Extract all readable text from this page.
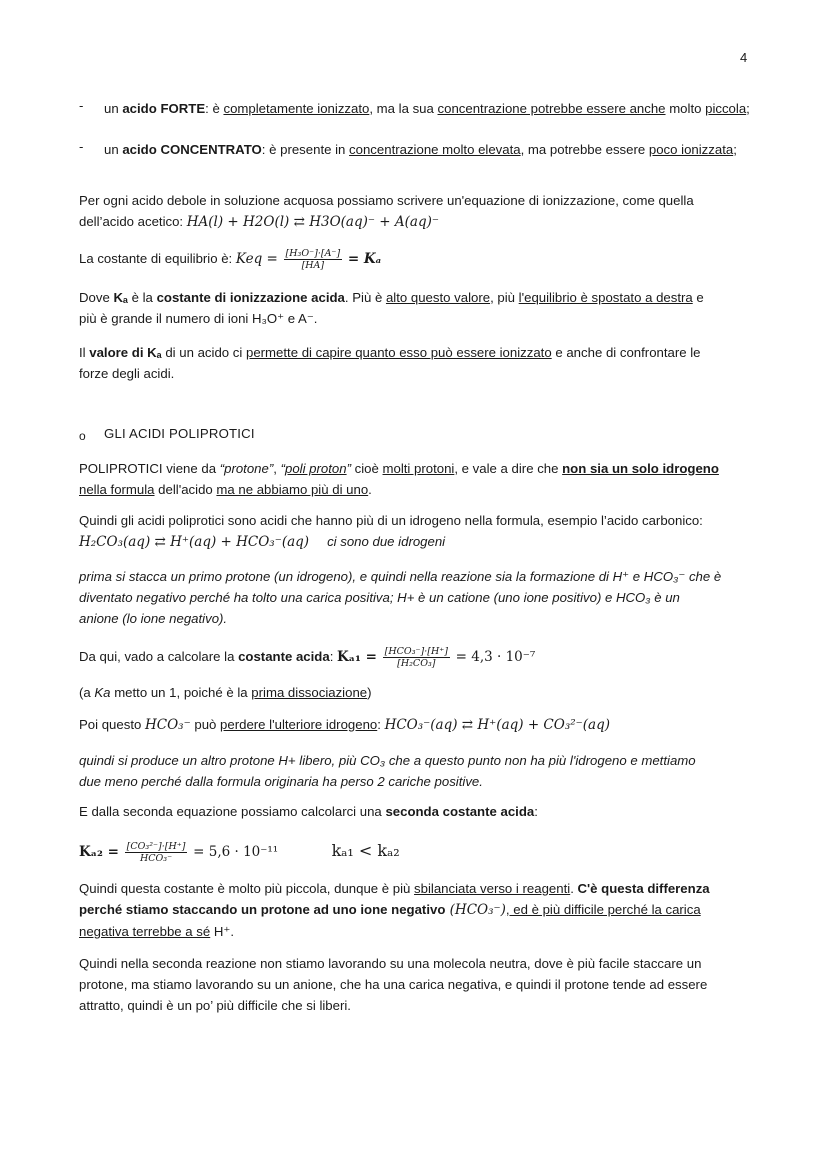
4
- un acido FORTE: è completamente ionizzato, ma la sua concentrazione potrebbe essere anche molto piccola;
- un acido CONCENTRATO: è presente in concentrazione molto elevata, ma potrebbe essere poco ionizzata;
Per ogni acido debole in soluzione acquosa possiamo scrivere un'equazione di ionizzazione, come quella
dell’acido acetico: HA(l) + H2O(l) ⇄ H3O(aq)⁻ + A(aq)⁻
La costante di equilibrio è: Keq = $\frac{\text{[H₃O⁻]·[A⁻]}}{[HA]} = K_a$
Dove Kₐ è la costante di ionizzazione acida. Più è alto questo valore, più l'equilibrio è spostato a destra e
più è grande il numero di ioni H₃O⁺ e A⁻.
Il valore di Kₐ di un acido ci permette di capire quanto esso può essere ionizzato e anche di confrontare le
forze degli acidi.
o GLI ACIDI POLIPROTICI
POLIPROTICI viene da “protone”, “poli proton” cioè molti protoni, e vale a dire che non sia un solo idrogeno
nella formula dell'acido ma ne abbiamo più di uno.
Quindi gli acidi poliprotici sono acidi che hanno più di un idrogeno nella formula, esempio l’acido carbonico:
H₂CO₃(aq) ⇄ H⁺(aq) + HCO₃⁻(aq) ci sono due idrogeni
prima si stacca un primo protone (un idrogeno), e quindi nella reazione sia la formazione di H⁺ e HCO₃⁻ che è
diventato negativo perché ha tolto una carica positiva; H+ è un catione (uno ione positivo) e HCO₃ è un
anione (lo ione negativo).
Da qui, vado a calcolare la costante acida: $K_{a1} = \frac{\text{[HCO₃⁻]·[H⁺]}}{\text{[H₂CO₃]}} = 4,3 \cdot 10^{-7}$
(a Ka metto un 1, poiché è la prima dissociazione)
Poi questo HCO₃⁻ può perdere l'ulteriore idrogeno: HCO₃⁻(aq) ⇄ H⁺(aq) + CO₃²⁻(aq)
quindi si produce un altro protone H+ libero, più CO₃ che a questo punto non ha più l'idrogeno e mettiamo
due meno perché dalla formula originaria ha perso 2 cariche positive.
E dalla seconda equazione possiamo calcolarci una seconda costante acida:
$K_{a2} = \frac{\text{[CO₃²⁻]·[H⁺]}}{\text{HCO₃⁻}} = 5,6 \cdot 10^{-11}$	kₐ₁ < kₐ₂
Quindi questa costante è molto più piccola, dunque è più sbilanciata verso i reagenti. C'è questa differenza
perché stiamo staccando un protone ad uno ione negativo (HCO₃⁻), ed è più difficile perché la carica
negativa terrebbe a sé H⁺.
Quindi nella seconda reazione non stiamo lavorando su una molecola neutra, dove è più facile staccare un
protone, ma stiamo lavorando su un anione, che ha una carica negativa, e quindi il protone tende ad essere
attratto, quindi è un po’ più difficile che si liberi.
